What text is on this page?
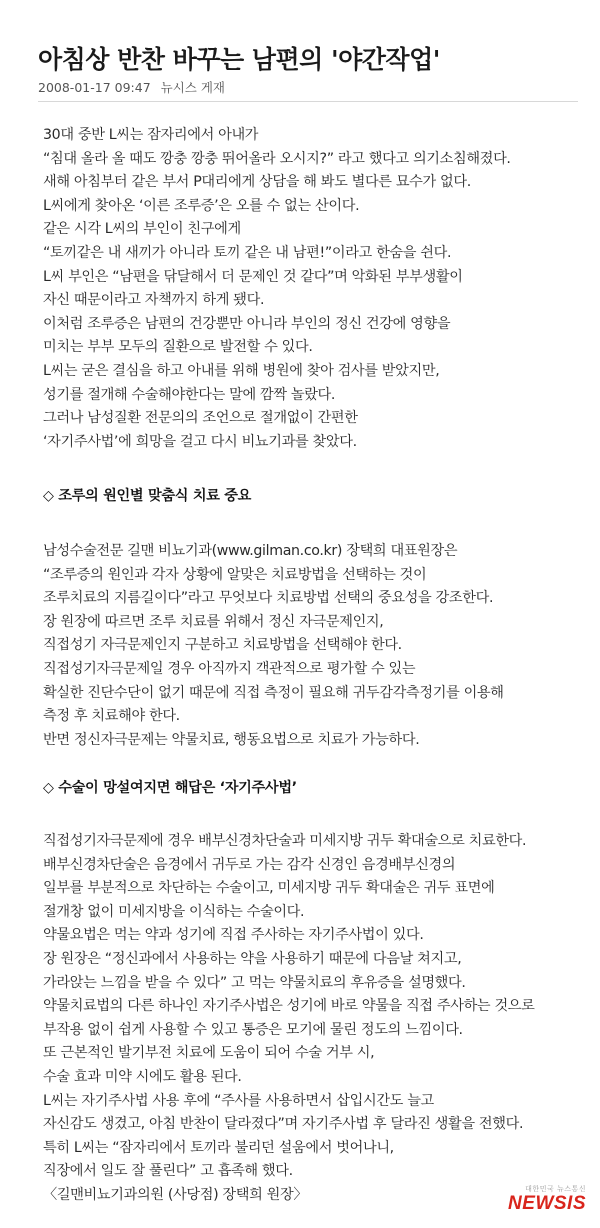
아침상 반찬 바꾸는 남편의 '야간작업'
2008-01-17 09:47 뉴시스 게재
30대 중반 L씨는 잠자리에서 아내가
“침대 올라 올 때도 깡충 깡충 뛰어올라 오시지?” 라고 했다고 의기소침해졌다.
새해 아침부터 같은 부서 P대리에게 상담을 해 봐도 별다른 묘수가 없다.
L씨에게 찾아온 ‘이른 조루증’은 오를 수 없는 산이다.
같은 시각 L씨의 부인이 친구에게
“토끼같은 내 새끼가 아니라 토끼 같은 내 남편!”이라고 한숨을 쉰다.
L씨 부인은 “남편을 닦달해서 더 문제인 것 같다”며 악화된 부부생활이
자신 때문이라고 자책까지 하게 됐다.
이처럼 조루증은 남편의 건강뿐만 아니라 부인의 정신 건강에 영향을
미치는 부부 모두의 질환으로 발전할 수 있다.
L씨는 굳은 결심을 하고 아내를 위해 병원에 찾아 검사를 받았지만,
성기를 절개해 수술해야한다는 말에 깜짝 놀랐다.
그러나 남성질환 전문의의 조언으로 절개없이 간편한
‘자기주사법’에 희망을 걸고 다시 비뇨기과를 찾았다.
◇ 조루의 원인별 맞춤식 치료 중요
남성수술전문 길맨 비뇨기과(www.gilman.co.kr) 장택희 대표원장은
“조루증의 원인과 각자 상황에 알맞은 치료방법을 선택하는 것이
조루치료의 지름길이다”라고 무엇보다 치료방법 선택의 중요성을 강조한다.
장 원장에 따르면 조루 치료를 위해서 정신 자극문제인지,
직접성기 자극문제인지 구분하고 치료방법을 선택해야 한다.
직접성기자극문제일 경우 아직까지 객관적으로 평가할 수 있는
확실한 진단수단이 없기 때문에 직접 측정이 필요해 귀두감각측정기를 이용해
측정 후 치료해야 한다.
반면 정신자극문제는 약물치료, 행동요법으로 치료가 가능하다.
◇ 수술이 망설여지면 해답은 ‘자기주사법’
직접성기자극문제에 경우 배부신경차단술과 미세지방 귀두 확대술으로 치료한다.
배부신경차단술은 음경에서 귀두로 가는 감각 신경인 음경배부신경의
일부를 부분적으로 차단하는 수술이고, 미세지방 귀두 확대술은 귀두 표면에
절개창 없이 미세지방을 이식하는 수술이다.
약물요법은 먹는 약과 성기에 직접 주사하는 자기주사법이 있다.
장 원장은 “정신과에서 사용하는 약을 사용하기 때문에 다음날 쳐지고,
가라앉는 느낌을 받을 수 있다” 고 먹는 약물치료의 후유증을 설명했다.
약물치료법의 다른 하나인 자기주사법은 성기에 바로 약물을 직접 주사하는 것으로
부작용 없이 쉽게 사용할 수 있고 통증은 모기에 물린 정도의 느낌이다.
또 근본적인 발기부전 치료에 도움이 되어 수술 거부 시,
수술 효과 미약 시에도 활용 된다.
L씨는 자기주사법 사용 후에 “주사를 사용하면서 삽입시간도 늘고
자신감도 생겼고, 아침 반찬이 달라졌다”며 자기주사법 후 달라진 생활을 전했다.
특히 L씨는 “잠자리에서 토끼라 불리던 설움에서 벗어나니,
직장에서 일도 잘 풀린다” 고 흡족해 했다.
〈길맨비뇨기과의원 (사당점) 장택희 원장〉	대한민국 뉴스통신
NEWSIS
